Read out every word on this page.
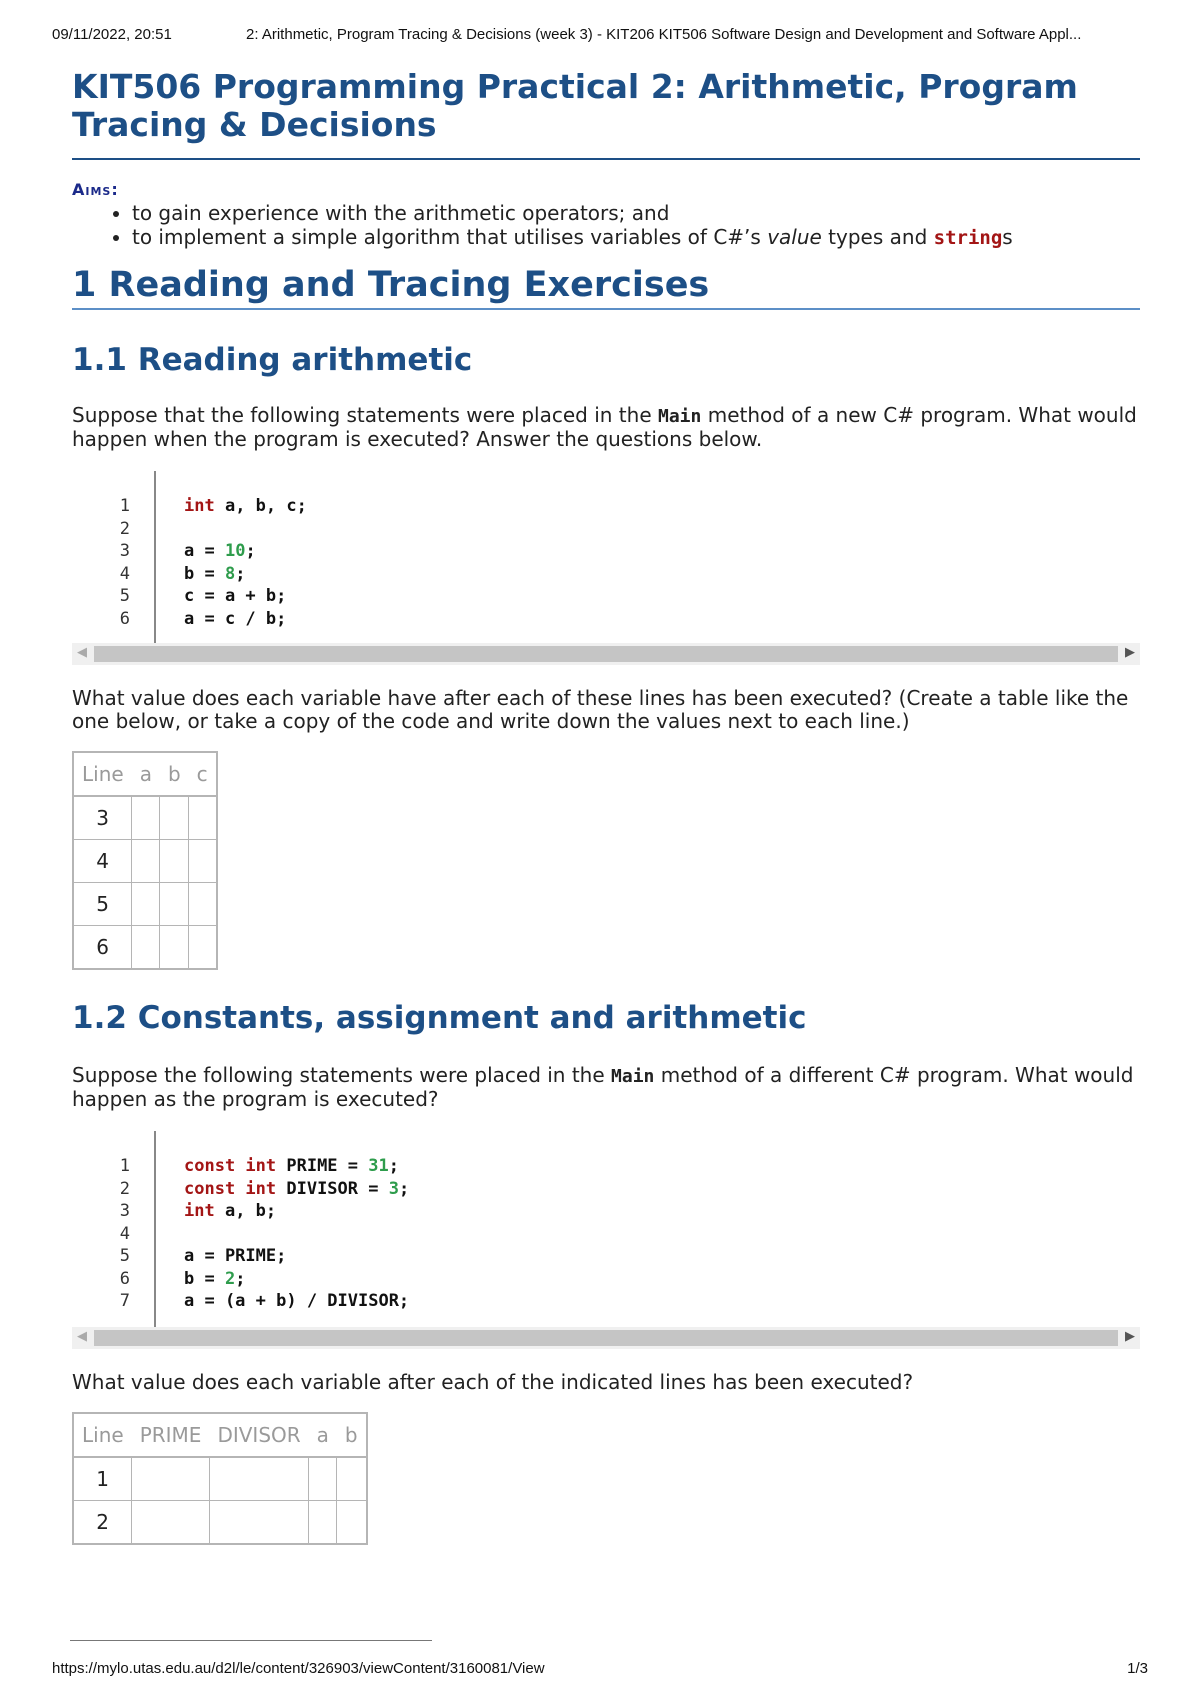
09/11/2022, 20:51	2: Arithmetic, Program Tracing & Decisions (week 3) - KIT206 KIT506 Software Design and Development and Software Appl...
KIT506 Programming Practical 2: Arithmetic, Program
Tracing & Decisions
Aims:
• to gain experience with the arithmetic operators; and
• to implement a simple algorithm that utilises variables of C#’s value types and strings
1 Reading and Tracing Exercises
1.1 Reading arithmetic

Suppose that the following statements were placed in the Main method of a new C# program. What would happen when the program is executed? Answer the questions below.

1
2
3
4
5
6
int a, b, c;

a = 10;
b = 8;
c = a + b;
a = c / b;
◀	▶

What value does each variable have after each of these lines has been executed? (Create a table like the one below, or take a copy of the code and write down the values next to each line.)

Line	a	b	c
3			
4			
5			
6			
1.2 Constants, assignment and arithmetic

Suppose the following statements were placed in the Main method of a different C# program. What would happen as the program is executed?

1
2
3
4
5
6
7
const int PRIME = 31;
const int DIVISOR = 3;
int a, b;

a = PRIME;
b = 2;
a = (a + b) / DIVISOR;
◀	▶

What value does each variable after each of the indicated lines has been executed?

Line	PRIME	DIVISOR	a	b
1				
2				
https://mylo.utas.edu.au/d2l/le/content/326903/viewContent/3160081/View	1/3
